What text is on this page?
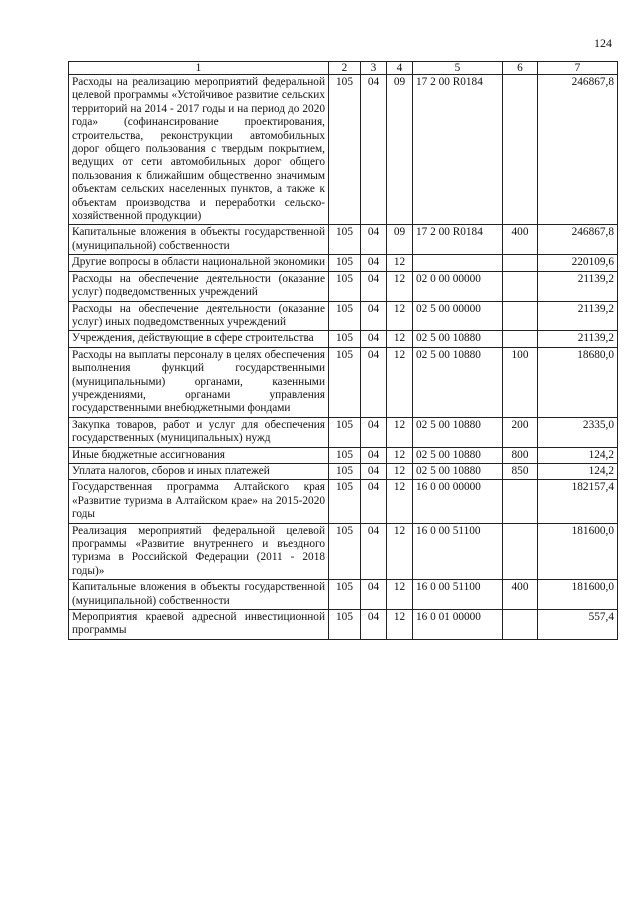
124
1	2	3	4	5	6	7
Расходы на реализацию мероприятий федеральной целевой программы «Устойчивое развитие сельских территорий на 2014 - 2017 годы и на период до 2020 года» (софинансирование проектирования, строительства, реконструкции автомобильных дорог общего пользования с твердым покрытием, ведущих от сети автомобильных дорог общего пользования к ближайшим общественно значимым объектам сельских населенных пунктов, а также к объектам производства и переработки сельскохозяйственной продукции)	105	04	09	17 2 00 R0184		246867,8
Капитальные вложения в объекты государственной (муниципальной) собственности	105	04	09	17 2 00 R0184	400	246867,8
Другие вопросы в области национальной экономики	105	04	12			220109,6
Расходы на обеспечение деятельности (оказание услуг) подведомственных учреждений	105	04	12	02 0 00 00000		21139,2
Расходы на обеспечение деятельности (оказание услуг) иных подведомственных учреждений	105	04	12	02 5 00 00000		21139,2
Учреждения, действующие в сфере строительства	105	04	12	02 5 00 10880		21139,2
Расходы на выплаты персоналу в целях обеспечения выполнения функций государственными (муниципальными) органами, казенными учреждениями, органами управления государственными внебюджетными фондами	105	04	12	02 5 00 10880	100	18680,0
Закупка товаров, работ и услуг для обеспечения государственных (муниципальных) нужд	105	04	12	02 5 00 10880	200	2335,0
Иные бюджетные ассигнования	105	04	12	02 5 00 10880	800	124,2
Уплата налогов, сборов и иных платежей	105	04	12	02 5 00 10880	850	124,2
Государственная программа Алтайского края «Развитие туризма в Алтайском крае» на 2015-2020 годы	105	04	12	16 0 00 00000		182157,4
Реализация мероприятий федеральной целевой программы «Развитие внутреннего и въездного туризма в Российской Федерации (2011 - 2018 годы)»	105	04	12	16 0 00 51100		181600,0
Капитальные вложения в объекты государственной (муниципальной) собственности	105	04	12	16 0 00 51100	400	181600,0
Мероприятия краевой адресной инвестиционной программы	105	04	12	16 0 01 00000		557,4
